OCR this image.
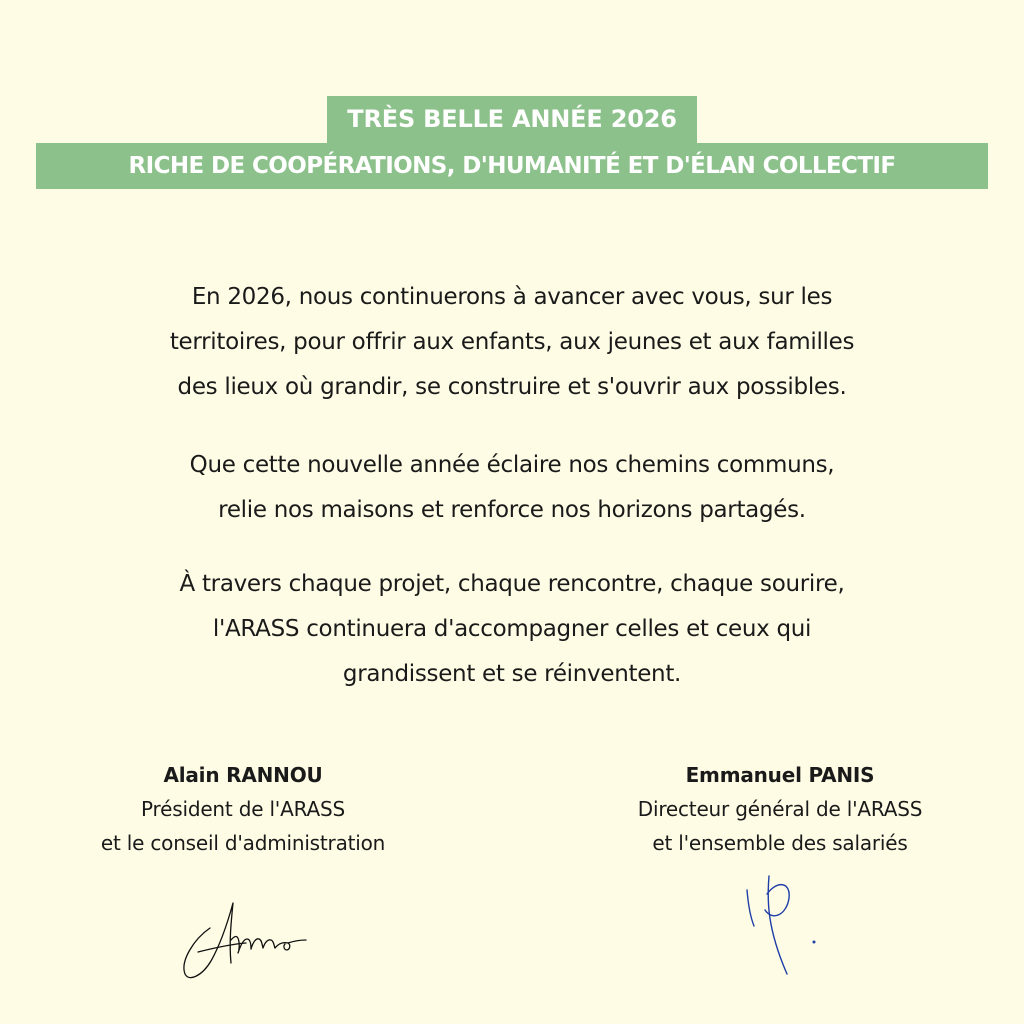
TRÈS BELLE ANNÉE 2026
RICHE DE COOPÉRATIONS, D'HUMANITÉ ET D'ÉLAN COLLECTIF
En 2026, nous continuerons à avancer avec vous, sur les
territoires, pour offrir aux enfants, aux jeunes et aux familles
des lieux où grandir, se construire et s'ouvrir aux possibles.
Que cette nouvelle année éclaire nos chemins communs,
relie nos maisons et renforce nos horizons partagés.
À travers chaque projet, chaque rencontre, chaque sourire,
l'ARASS continuera d'accompagner celles et ceux qui
grandissent et se réinventent.
Alain RANNOU
Président de l'ARASS
et le conseil d'administration
Emmanuel PANIS
Directeur général de l'ARASS
et l'ensemble des salariés
